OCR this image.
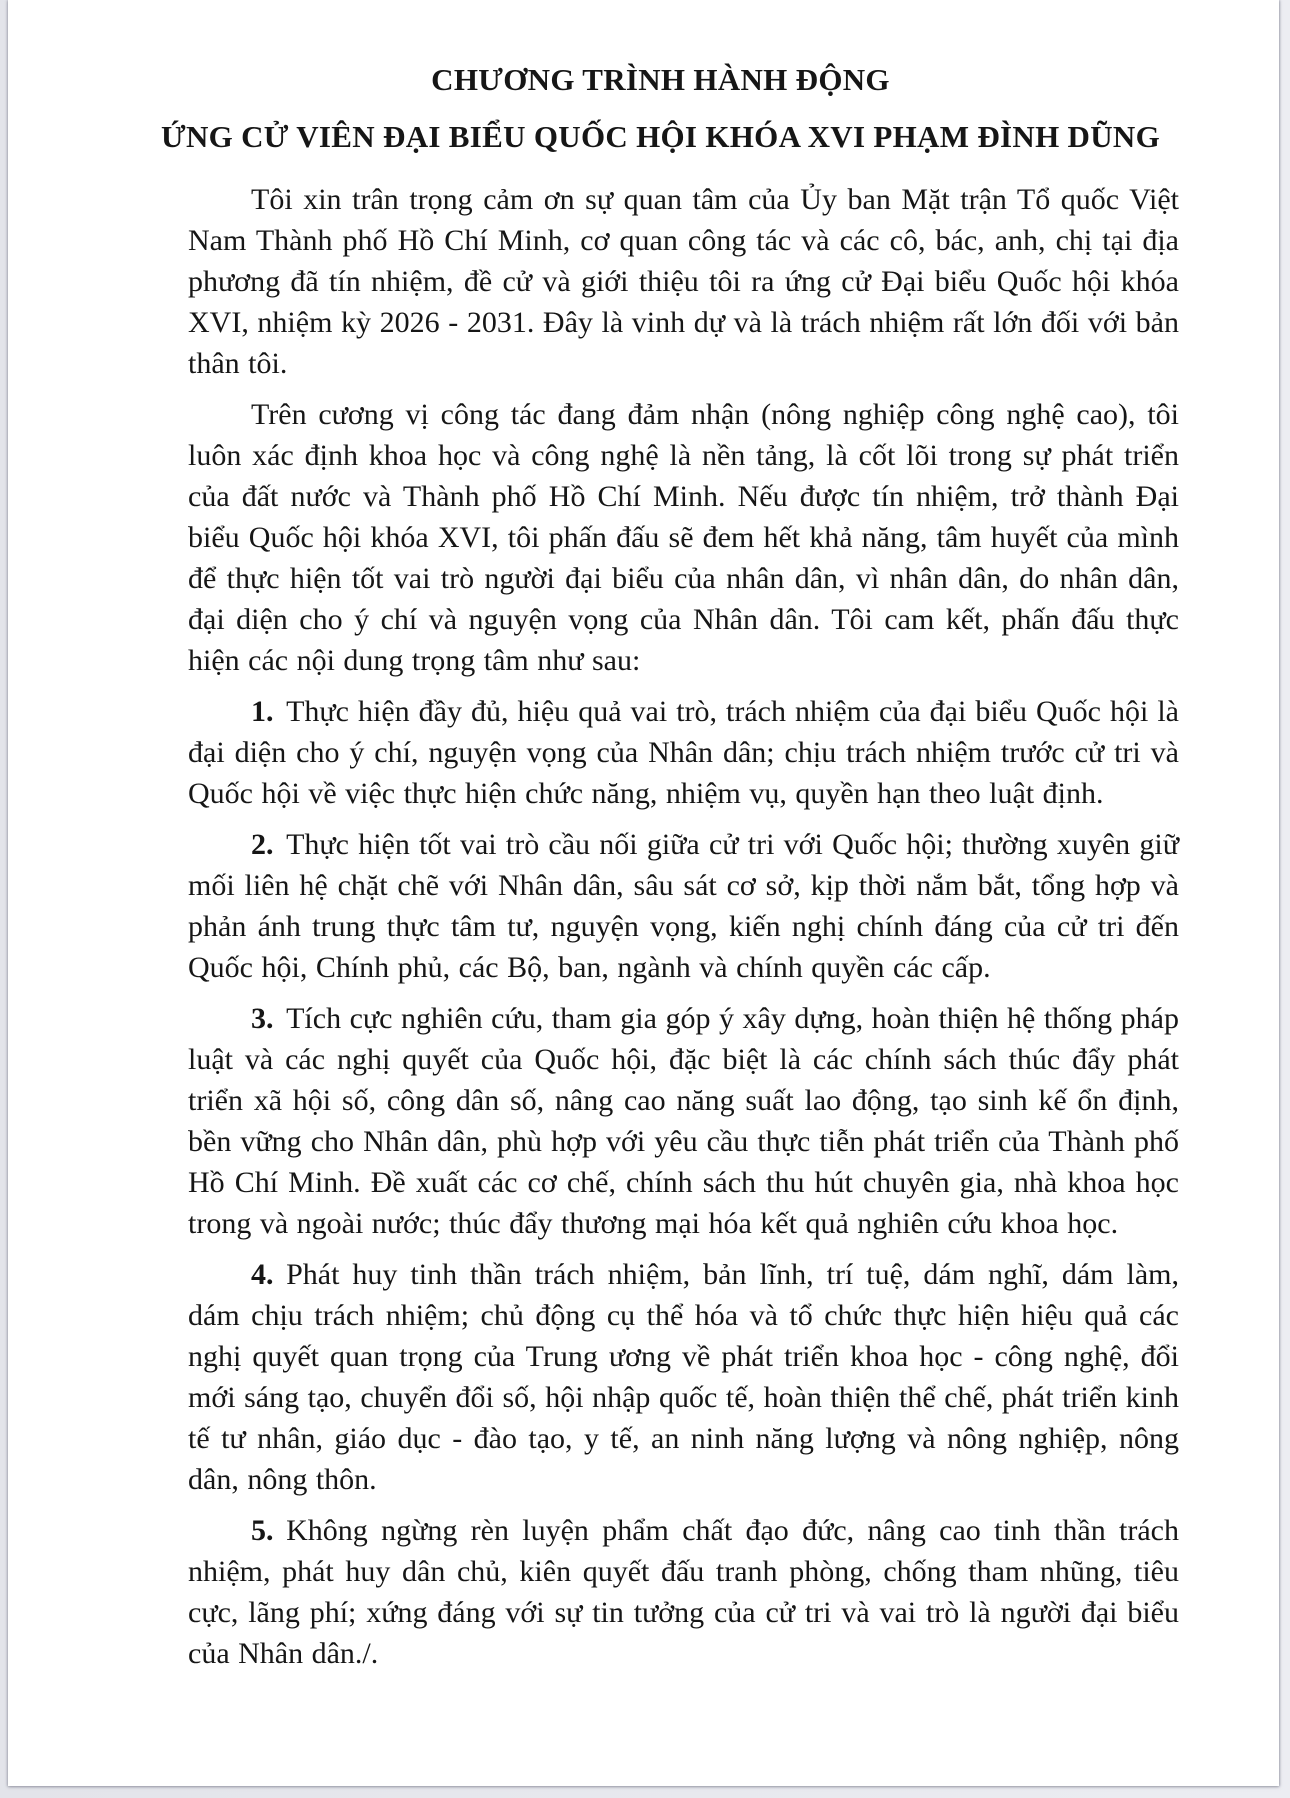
CHƯƠNG TRÌNH HÀNH ĐỘNG
ỨNG CỬ VIÊN ĐẠI BIỂU QUỐC HỘI KHÓA XVI PHẠM ĐÌNH DŨNG

Tôi xin trân trọng cảm ơn sự quan tâm của Ủy ban Mặt trận Tổ quốc Việt Nam Thành phố Hồ Chí Minh, cơ quan công tác và các cô, bác, anh, chị tại địa phương đã tín nhiệm, đề cử và giới thiệu tôi ra ứng cử Đại biểu Quốc hội khóa XVI, nhiệm kỳ 2026 - 2031. Đây là vinh dự và là trách nhiệm rất lớn đối với bản thân tôi.

Trên cương vị công tác đang đảm nhận (nông nghiệp công nghệ cao), tôi luôn xác định khoa học và công nghệ là nền tảng, là cốt lõi trong sự phát triển của đất nước và Thành phố Hồ Chí Minh. Nếu được tín nhiệm, trở thành Đại biểu Quốc hội khóa XVI, tôi phấn đấu sẽ đem hết khả năng, tâm huyết của mình để thực hiện tốt vai trò người đại biểu của nhân dân, vì nhân dân, do nhân dân, đại diện cho ý chí và nguyện vọng của Nhân dân. Tôi cam kết, phấn đấu thực hiện các nội dung trọng tâm như sau:

1. Thực hiện đầy đủ, hiệu quả vai trò, trách nhiệm của đại biểu Quốc hội là đại diện cho ý chí, nguyện vọng của Nhân dân; chịu trách nhiệm trước cử tri và Quốc hội về việc thực hiện chức năng, nhiệm vụ, quyền hạn theo luật định.

2. Thực hiện tốt vai trò cầu nối giữa cử tri với Quốc hội; thường xuyên giữ mối liên hệ chặt chẽ với Nhân dân, sâu sát cơ sở, kịp thời nắm bắt, tổng hợp và phản ánh trung thực tâm tư, nguyện vọng, kiến nghị chính đáng của cử tri đến Quốc hội, Chính phủ, các Bộ, ban, ngành và chính quyền các cấp.

3. Tích cực nghiên cứu, tham gia góp ý xây dựng, hoàn thiện hệ thống pháp luật và các nghị quyết của Quốc hội, đặc biệt là các chính sách thúc đẩy phát triển xã hội số, công dân số, nâng cao năng suất lao động, tạo sinh kế ổn định, bền vững cho Nhân dân, phù hợp với yêu cầu thực tiễn phát triển của Thành phố Hồ Chí Minh. Đề xuất các cơ chế, chính sách thu hút chuyên gia, nhà khoa học trong và ngoài nước; thúc đẩy thương mại hóa kết quả nghiên cứu khoa học.

4. Phát huy tinh thần trách nhiệm, bản lĩnh, trí tuệ, dám nghĩ, dám làm, dám chịu trách nhiệm; chủ động cụ thể hóa và tổ chức thực hiện hiệu quả các nghị quyết quan trọng của Trung ương về phát triển khoa học - công nghệ, đổi mới sáng tạo, chuyển đổi số, hội nhập quốc tế, hoàn thiện thể chế, phát triển kinh tế tư nhân, giáo dục - đào tạo, y tế, an ninh năng lượng và nông nghiệp, nông dân, nông thôn.

5. Không ngừng rèn luyện phẩm chất đạo đức, nâng cao tinh thần trách nhiệm, phát huy dân chủ, kiên quyết đấu tranh phòng, chống tham nhũng, tiêu cực, lãng phí; xứng đáng với sự tin tưởng của cử tri và vai trò là người đại biểu của Nhân dân./.
